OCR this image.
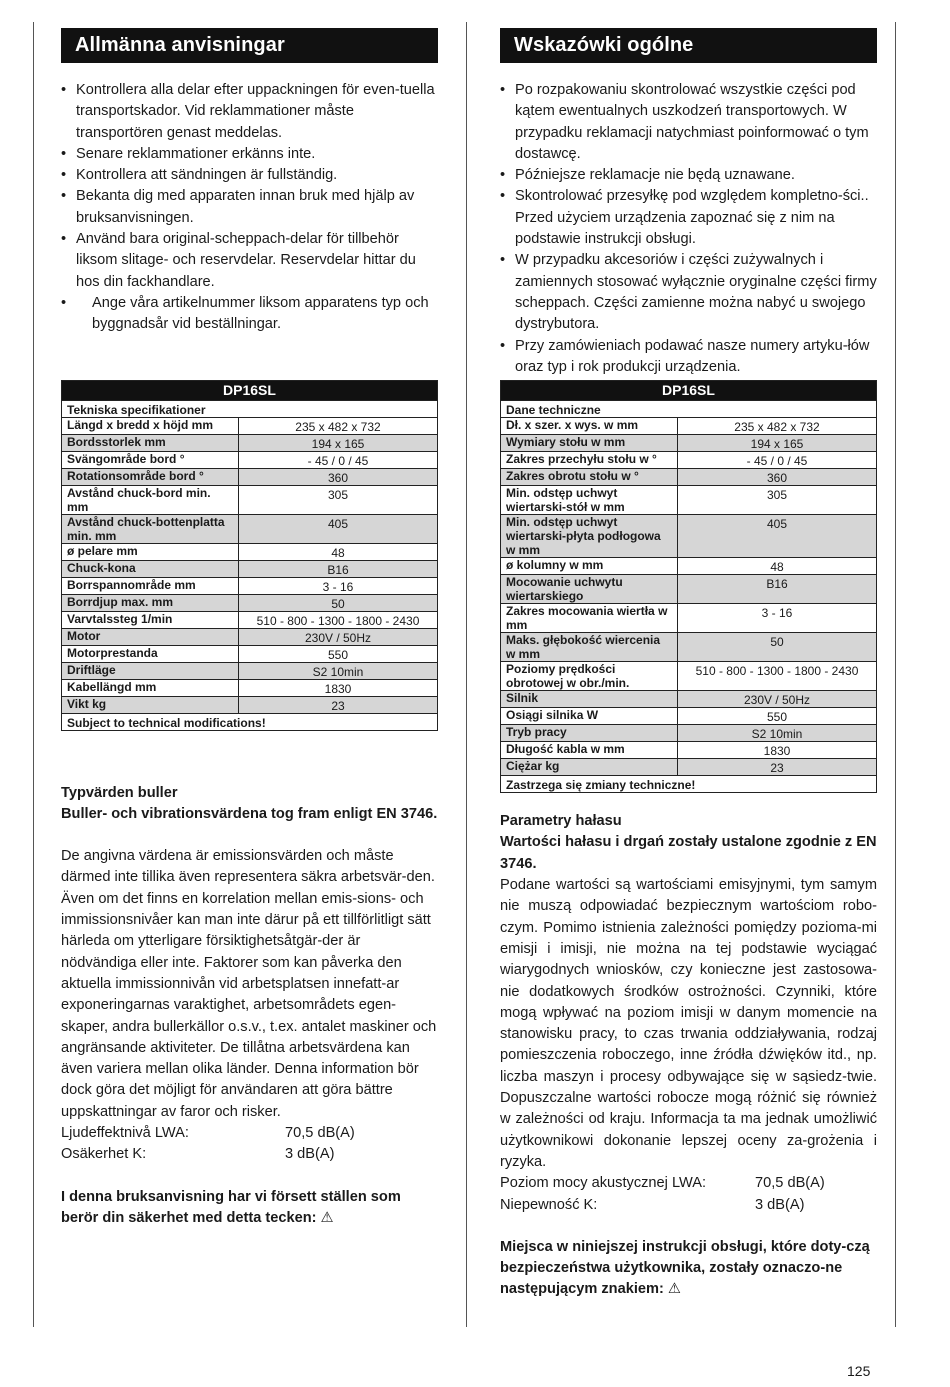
Allmänna anvisningar
• Kontrollera alla delar efter uppackningen för even-tuella transportskador. Vid reklammationer måste transportören genast meddelas.
• Senare reklammationer erkänns inte.
• Kontrollera att sändningen är fullständig.
• Bekanta dig med apparaten innan bruk med hjälp av bruksanvisningen.
• Använd bara original-scheppach-delar för tillbehör liksom slitage- och reservdelar. Reservdelar hittar du hos din fackhandlare.
• Ange våra artikelnummer liksom apparatens typ och byggnadsår vid beställningar.
DP16SL	
Tekniska specifikationer	
Längd x bredd x höjd mm	235 x 482 x 732
Bordsstorlek mm	194 x 165
Svängområde bord °	- 45 / 0 / 45
Rotationsområde bord °	360
Avstånd chuck-bord min. mm	305
Avstånd chuck-bottenplatta min. mm	405
ø pelare mm	48
Chuck-kona	B16
Borrspannområde mm	3 - 16
Borrdjup max. mm	50
Varvtalssteg 1/min	510 - 800 - 1300 - 1800 - 2430
Motor	230V / 50Hz
Motorprestanda	550
Driftläge	S2 10min
Kabellängd mm	1830
Vikt kg	23
Subject to technical modifications!	

Typvärden buller

Buller- och vibrationsvärdena tog fram enligt EN 3746.

De angivna värdena är emissionsvärden och måste därmed inte tillika även representera säkra arbetsvär-den. Även om det finns en korrelation mellan emis-sions- och immissionsnivåer kan man inte därur på ett tillförlitligt sätt härleda om ytterligare försiktighetsåtgär-der är nödvändiga eller inte. Faktorer som kan påverka den aktuella immissionnivån vid arbetsplatsen innefatt-ar exponeringarnas varaktighet, arbetsområdets egen-skaper, andra bullerkällor o.s.v., t.ex. antalet maskiner och angränsande aktiviteter. De tillåtna arbetsvärdena kan även variera mellan olika länder. Denna information bör dock göra det möjligt för användaren att göra bättre uppskattningar av faror och risker.

Ljudeffektnivå LWA:	70,5 dB(A)
Osäkerhet K:	3 dB(A)

I denna bruksanvisning har vi försett ställen som berör din säkerhet med detta tecken: ⚠

Wskazówki ogólne
• Po rozpakowaniu skontrolować wszystkie części pod kątem ewentualnych uszkodzeń transportowych. W przypadku reklamacji natychmiast poinformować o tym dostawcę.
• Późniejsze reklamacje nie będą uznawane.
• Skontrolować przesyłkę pod względem kompletno-ści.. Przed użyciem urządzenia zapoznać się z nim na podstawie instrukcji obsługi.
• W przypadku akcesoriów i części zużywalnych i zamiennych stosować wyłącznie oryginalne części firmy scheppach. Części zamienne można nabyć u swojego dystrybutora.
• Przy zamówieniach podawać nasze numery artyku-łów oraz typ i rok produkcji urządzenia.
DP16SL	
Dane techniczne	
Dł. x szer. x wys. w mm	235 x 482 x 732
Wymiary stołu w mm	194 x 165
Zakres przechyłu stołu w °	- 45 / 0 / 45
Zakres obrotu stołu w °	360
Min. odstęp uchwyt wiertarski-stół w mm	305
Min. odstęp uchwyt wiertarski-płyta podłogowa w mm	405
ø kolumny w mm	48
Mocowanie uchwytu wiertarskiego	B16
Zakres mocowania wiertła w mm	3 - 16
Maks. głębokość wiercenia w mm	50
Poziomy prędkości obrotowej w obr./min.	510 - 800 - 1300 - 1800 - 2430
Silnik	230V / 50Hz
Osiągi silnika W	550
Tryb pracy	S2 10min
Długość kabla w mm	1830
Ciężar kg	23
Zastrzega się zmiany techniczne!	

Parametry hałasu

Wartości hałasu i drgań zostały ustalone zgodnie z EN 3746.

Podane wartości są wartościami emisyjnymi, tym samym nie muszą odpowiadać bezpiecznym wartościom robo-czym. Pomimo istnienia zależności pomiędzy pozioma-mi emisji i imisji, nie można na tej podstawie wyciągać wiarygodnych wniosków, czy konieczne jest zastosowa-nie dodatkowych środków ostrożności. Czynniki, które mogą wpływać na poziom imisji w danym momencie na stanowisku pracy, to czas trwania oddziaływania, rodzaj pomieszczenia roboczego, inne źródła dźwięków itd., np. liczba maszyn i procesy odbywające się w sąsiedz-twie. Dopuszczalne wartości robocze mogą różnić się również w zależności od kraju. Informacja ta ma jednak umożliwić użytkownikowi dokonanie lepszej oceny za-grożenia i ryzyka.

Poziom mocy akustycznej LWA:	70,5 dB(A)
Niepewność K:	3 dB(A)

Miejsca w niniejszej instrukcji obsługi, które doty-czą bezpieczeństwa użytkownika, zostały oznaczo-ne następującym znakiem: ⚠

125
